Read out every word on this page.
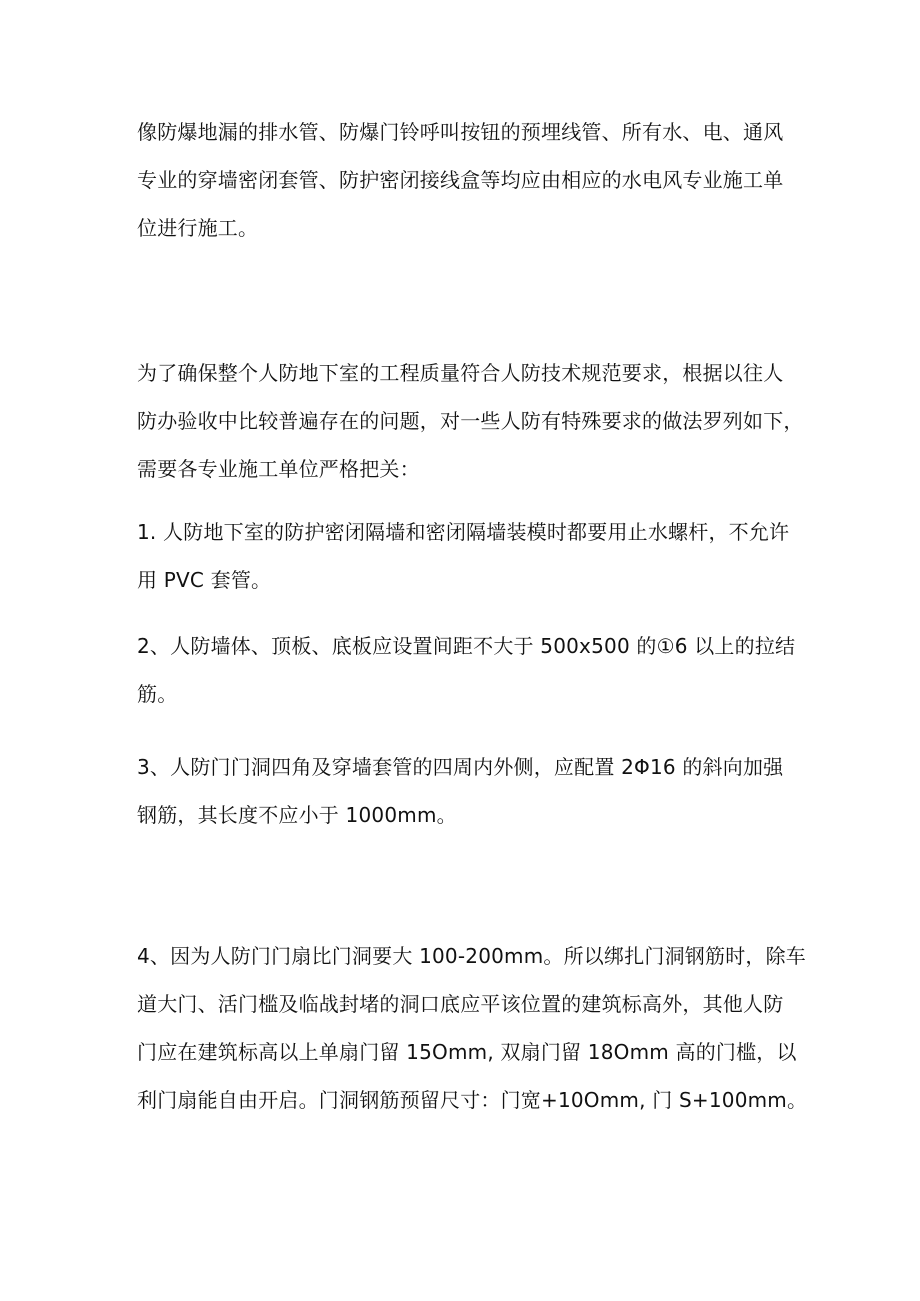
像防爆地漏的排水管、防爆门铃呼叫按钮的预埋线管、所有水、电、通风
专业的穿墙密闭套管、防护密闭接线盒等均应由相应的水电风专业施工单
位进行施工。

为了确保整个人防地下室的工程质量符合人防技术规范要求，根据以往人
防办验收中比较普遍存在的问题，对一些人防有特殊要求的做法罗列如下，
需要各专业施工单位严格把关：

1. 人防地下室的防护密闭隔墙和密闭隔墙装模时都要用止水螺杆，不允许
用 PVC 套管。

2、人防墙体、顶板、底板应设置间距不大于 500x500 的①6 以上的拉结
筋。

3、人防门门洞四角及穿墙套管的四周内外侧，应配置 2Φ16 的斜向加强
钢筋，其长度不应小于 1000mm。

4、因为人防门门扇比门洞要大 100-200mm。所以绑扎门洞钢筋时，除车
道大门、活门槛及临战封堵的洞口底应平该位置的建筑标高外，其他人防
门应在建筑标高以上单扇门留 15Omm, 双扇门留 18Omm 高的门槛，以
利门扇能自由开启。门洞钢筋预留尺寸：门宽+10Omm, 门 S+100mm。
